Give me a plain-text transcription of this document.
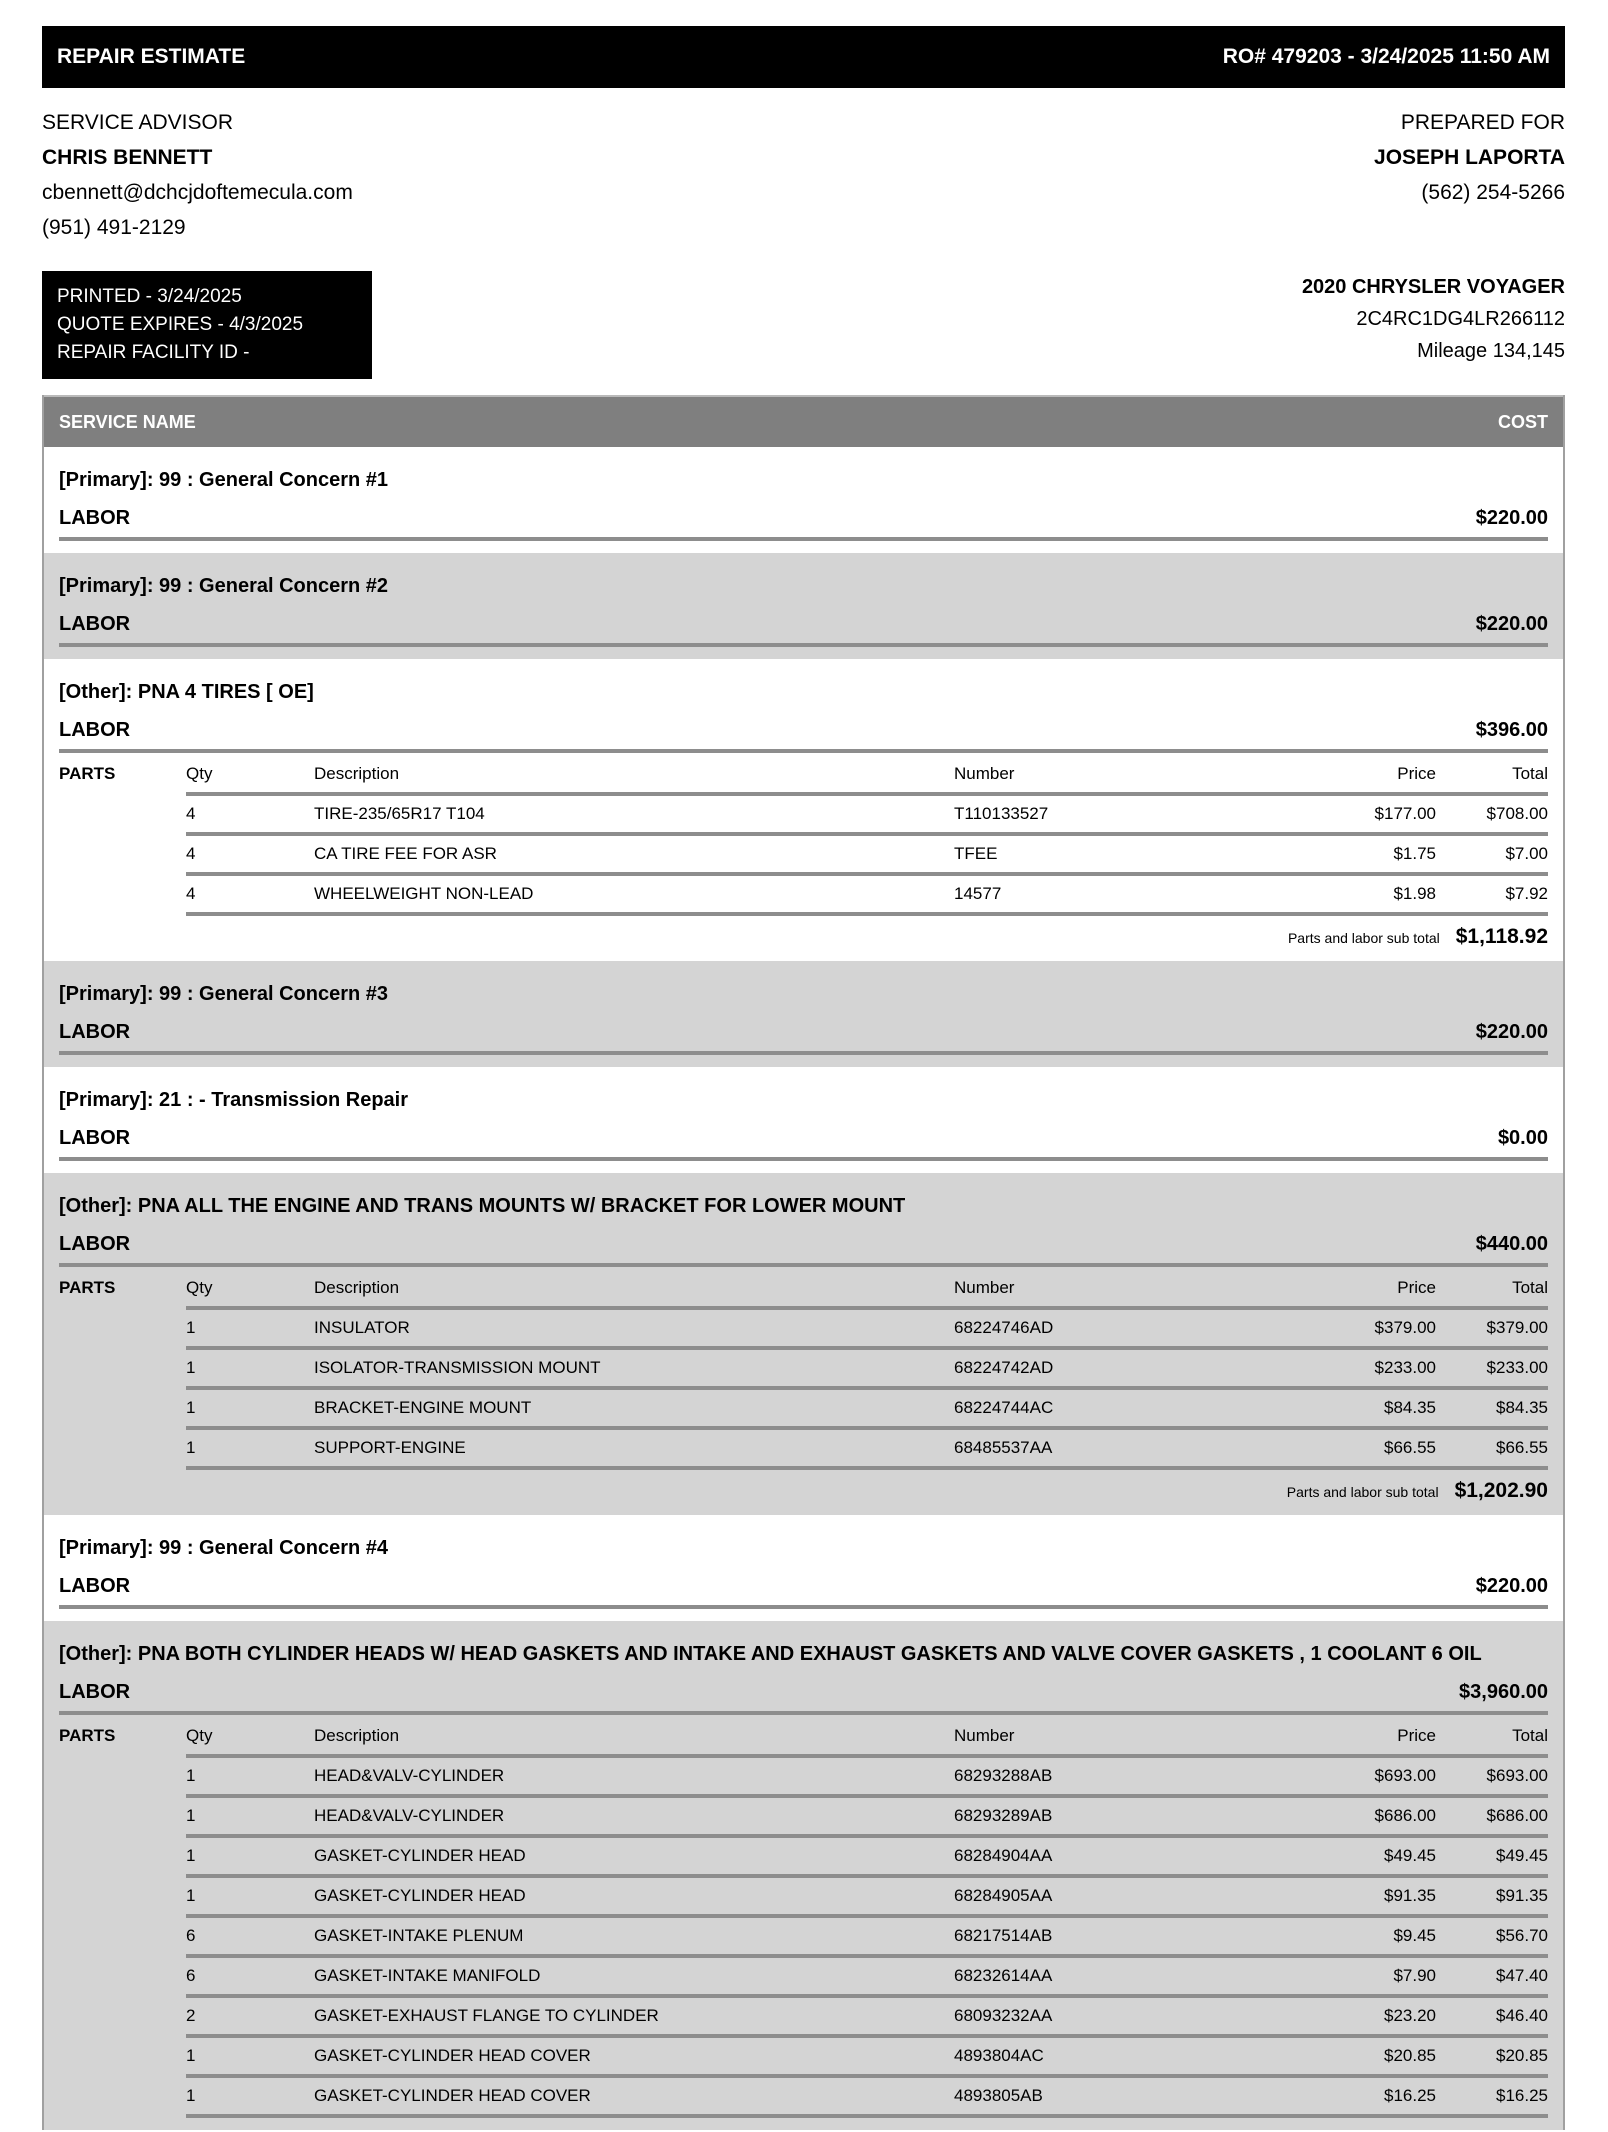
REPAIR ESTIMATE	RO# 479203 - 3/24/2025 11:50 AM
SERVICE ADVISOR
CHRIS BENNETT
cbennett@dchcjdoftemecula.com
(951) 491-2129
PREPARED FOR
JOSEPH LAPORTA
(562) 254-5266
PRINTED - 3/24/2025
QUOTE EXPIRES - 4/3/2025
REPAIR FACILITY ID -
2020 CHRYSLER VOYAGER
2C4RC1DG4LR266112
Mileage 134,145
SERVICE NAME	COST
[Primary]: 99 : General Concern #1
LABOR	$220.00
[Primary]: 99 : General Concern #2
LABOR	$220.00
[Other]: PNA 4 TIRES [ OE]
LABOR	$396.00
PARTS	Qty	Description	Number	Price	Total
4	TIRE-235/65R17 T104	T110133527	$177.00	$708.00
4	CA TIRE FEE FOR ASR	TFEE	$1.75	$7.00
4	WHEELWEIGHT NON-LEAD	14577	$1.98	$7.92
Parts and labor sub total $1,118.92
[Primary]: 99 : General Concern #3
LABOR	$220.00
[Primary]: 21 : - Transmission Repair
LABOR	$0.00
[Other]: PNA ALL THE ENGINE AND TRANS MOUNTS W/ BRACKET FOR LOWER MOUNT
LABOR	$440.00
PARTS	Qty	Description	Number	Price	Total
1	INSULATOR	68224746AD	$379.00	$379.00
1	ISOLATOR-TRANSMISSION MOUNT	68224742AD	$233.00	$233.00
1	BRACKET-ENGINE MOUNT	68224744AC	$84.35	$84.35
1	SUPPORT-ENGINE	68485537AA	$66.55	$66.55
Parts and labor sub total $1,202.90
[Primary]: 99 : General Concern #4
LABOR	$220.00
[Other]: PNA BOTH CYLINDER HEADS W/ HEAD GASKETS AND INTAKE AND EXHAUST GASKETS AND VALVE COVER GASKETS , 1 COOLANT 6 OIL
LABOR	$3,960.00
PARTS	Qty	Description	Number	Price	Total
1	HEAD&VALV-CYLINDER	68293288AB	$693.00	$693.00
1	HEAD&VALV-CYLINDER	68293289AB	$686.00	$686.00
1	GASKET-CYLINDER HEAD	68284904AA	$49.45	$49.45
1	GASKET-CYLINDER HEAD	68284905AA	$91.35	$91.35
6	GASKET-INTAKE PLENUM	68217514AB	$9.45	$56.70
6	GASKET-INTAKE MANIFOLD	68232614AA	$7.90	$47.40
2	GASKET-EXHAUST FLANGE TO CYLINDER	68093232AA	$23.20	$46.40
1	GASKET-CYLINDER HEAD COVER	4893804AC	$20.85	$20.85
1	GASKET-CYLINDER HEAD COVER	4893805AB	$16.25	$16.25
